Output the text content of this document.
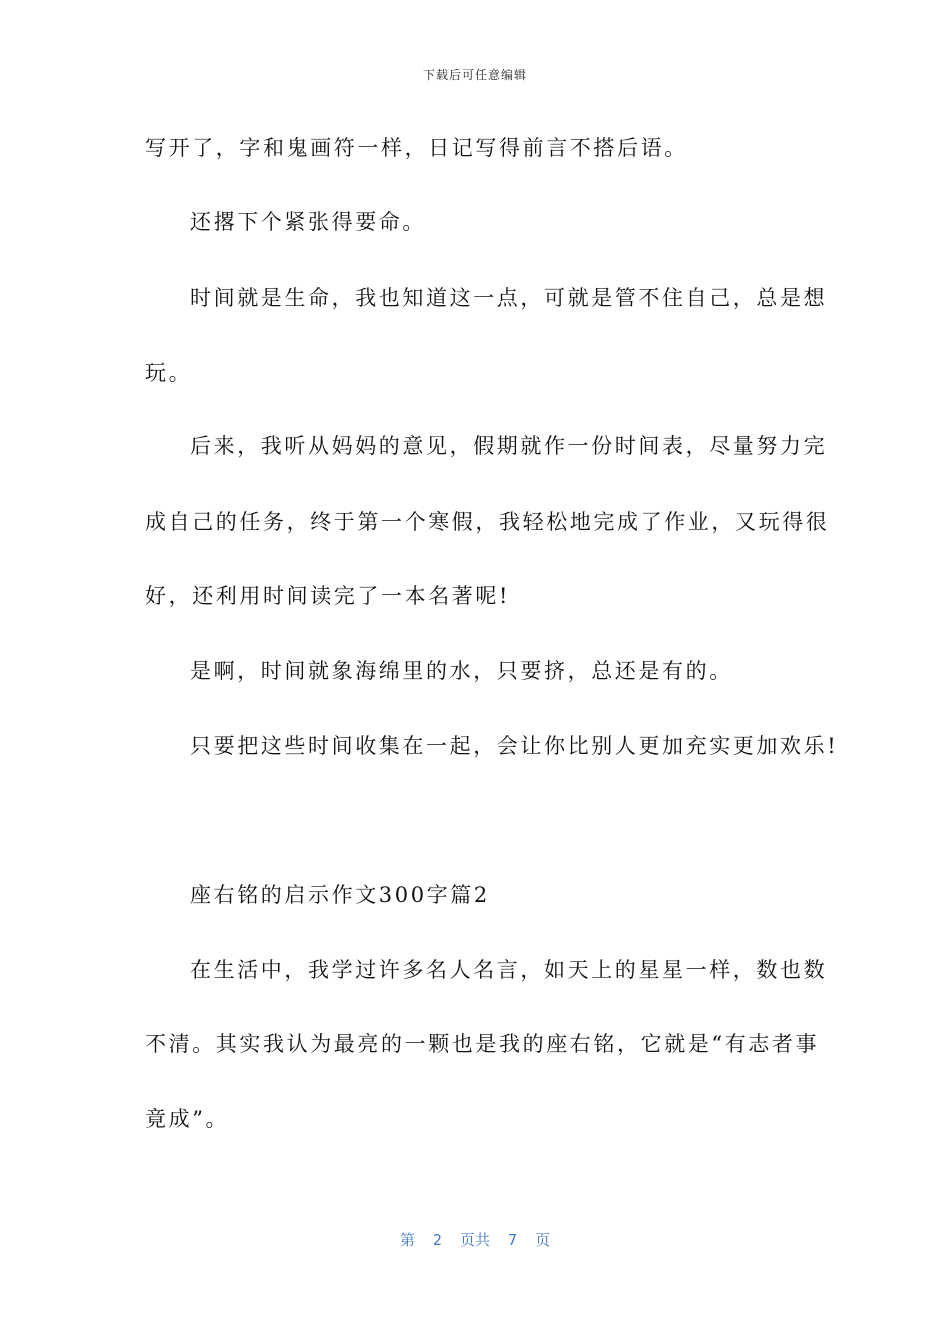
下载后可任意编辑
写开了，字和鬼画符一样，日记写得前言不搭后语。
还撂下个紧张得要命。
时间就是生命，我也知道这一点，可就是管不住自己，总是想
玩。
后来，我听从妈妈的意见，假期就作一份时间表，尽量努力完
成自己的任务，终于第一个寒假，我轻松地完成了作业，又玩得很
好，还利用时间读完了一本名著呢!
是啊，时间就象海绵里的水，只要挤，总还是有的。
只要把这些时间收集在一起，会让你比别人更加充实更加欢乐!
座右铭的启示作文300字篇2
在生活中，我学过许多名人名言，如天上的星星一样，数也数
不清。其实我认为最亮的一颗也是我的座右铭，它就是“有志者事
竟成”。
第  2  页共  7  页
